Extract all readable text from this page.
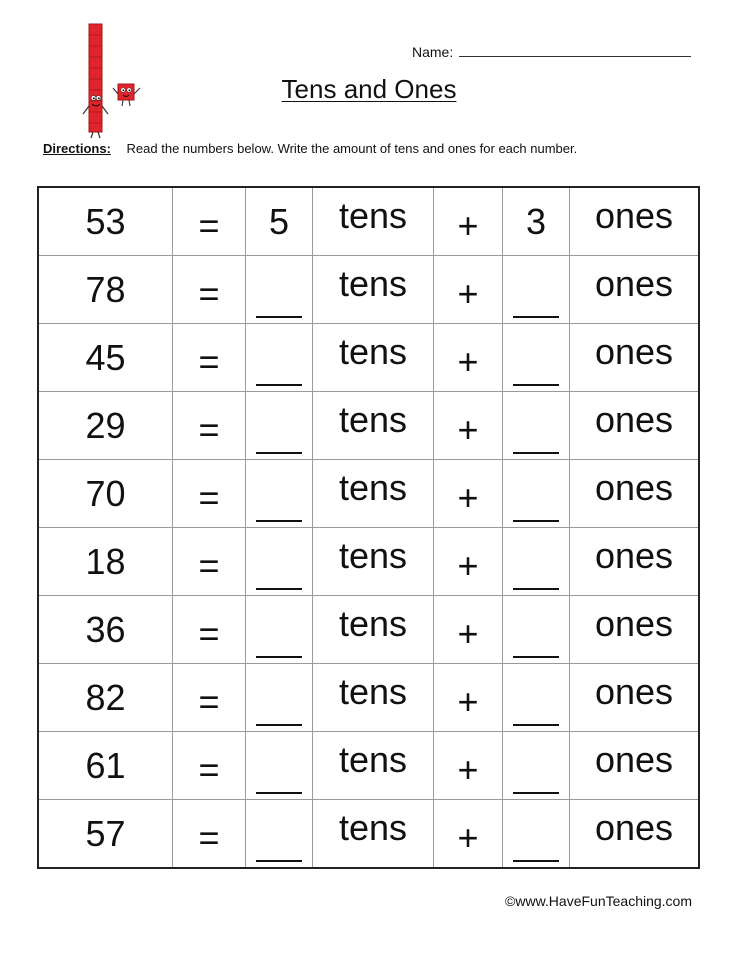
Name:
Tens and Ones
Directions: Read the numbers below. Write the amount of tens and ones for each number.
53	=	5	tens	+	3	ones
78	=		tens	+		ones
45	=		tens	+		ones
29	=		tens	+		ones
70	=		tens	+		ones
18	=		tens	+		ones
36	=		tens	+		ones
82	=		tens	+		ones
61	=		tens	+		ones
57	=		tens	+		ones
©www.HaveFunTeaching.com
